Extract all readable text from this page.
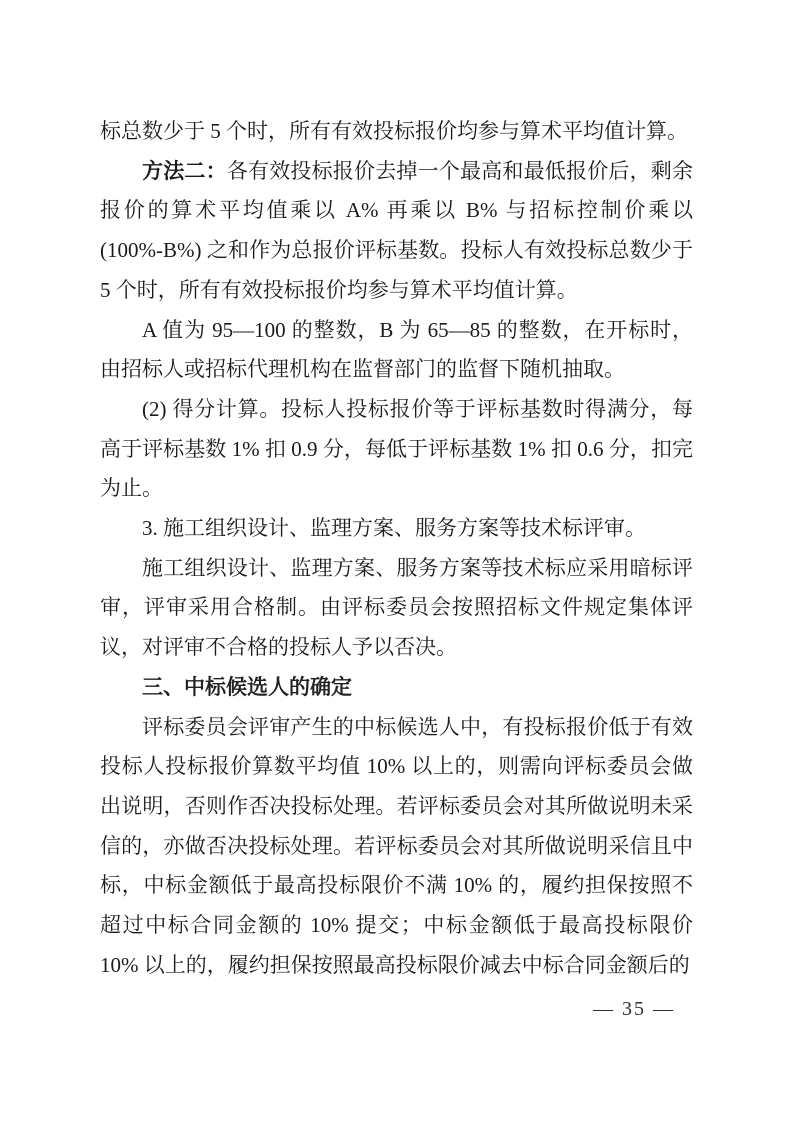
标总数少于 5 个时，所有有效投标报价均参与算术平均值计算。

方法二：各有效投标报价去掉一个最高和最低报价后，剩余报价的算术平均值乘以 A% 再乘以 B% 与招标控制价乘以 (100%-B%) 之和作为总报价评标基数。投标人有效投标总数少于 5 个时，所有有效投标报价均参与算术平均值计算。

A 值为 95—100 的整数，B 为 65—85 的整数，在开标时，由招标人或招标代理机构在监督部门的监督下随机抽取。

(2) 得分计算。投标人投标报价等于评标基数时得满分，每高于评标基数 1% 扣 0.9 分，每低于评标基数 1% 扣 0.6 分，扣完为止。

3. 施工组织设计、监理方案、服务方案等技术标评审。

施工组织设计、监理方案、服务方案等技术标应采用暗标评审，评审采用合格制。由评标委员会按照招标文件规定集体评议，对评审不合格的投标人予以否决。

三、中标候选人的确定

评标委员会评审产生的中标候选人中，有投标报价低于有效投标人投标报价算数平均值 10% 以上的，则需向评标委员会做出说明，否则作否决投标处理。若评标委员会对其所做说明未采信的，亦做否决投标处理。若评标委员会对其所做说明采信且中标，中标金额低于最高投标限价不满 10% 的，履约担保按照不超过中标合同金额的 10% 提交；中标金额低于最高投标限价 10% 以上的，履约担保按照最高投标限价减去中标合同金额后的

— 35 —
